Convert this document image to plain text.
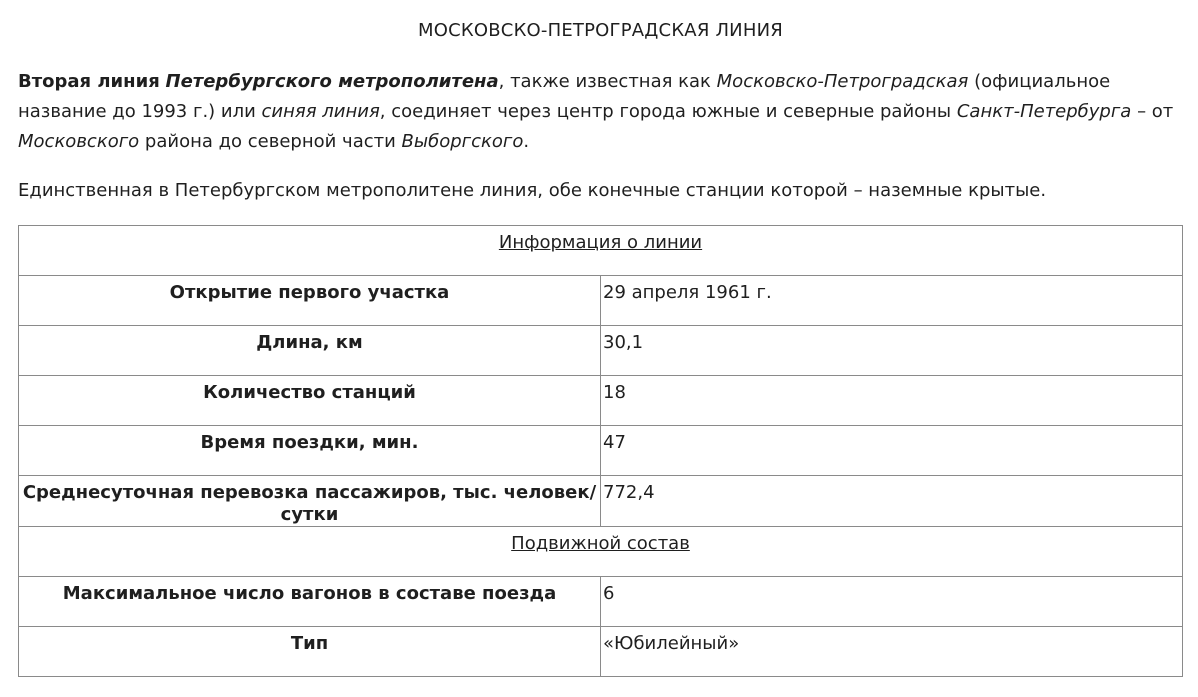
МОСКОВСКО-ПЕТРОГРАДСКАЯ ЛИНИЯ
Вторая линия Петербургского метрополитена, также известная как Московско-Петроградская (официальное название до 1993 г.) или синяя линия, соединяет через центр города южные и северные районы Санкт-Петербурга – от Московского района до северной части Выборгского.
Единственная в Петербургском метрополитене линия, обе конечные станции которой – наземные крытые.
Информация о линии	
Открытие первого участка	29 апреля 1961 г.
Длина, км	30,1
Количество станций	18
Время поездки, мин.	47
Среднесуточная перевозка пассажиров, тыс. человек/сутки	772,4
Подвижной состав	
Максимальное число вагонов в составе поезда	6
Тип	«Юбилейный»
